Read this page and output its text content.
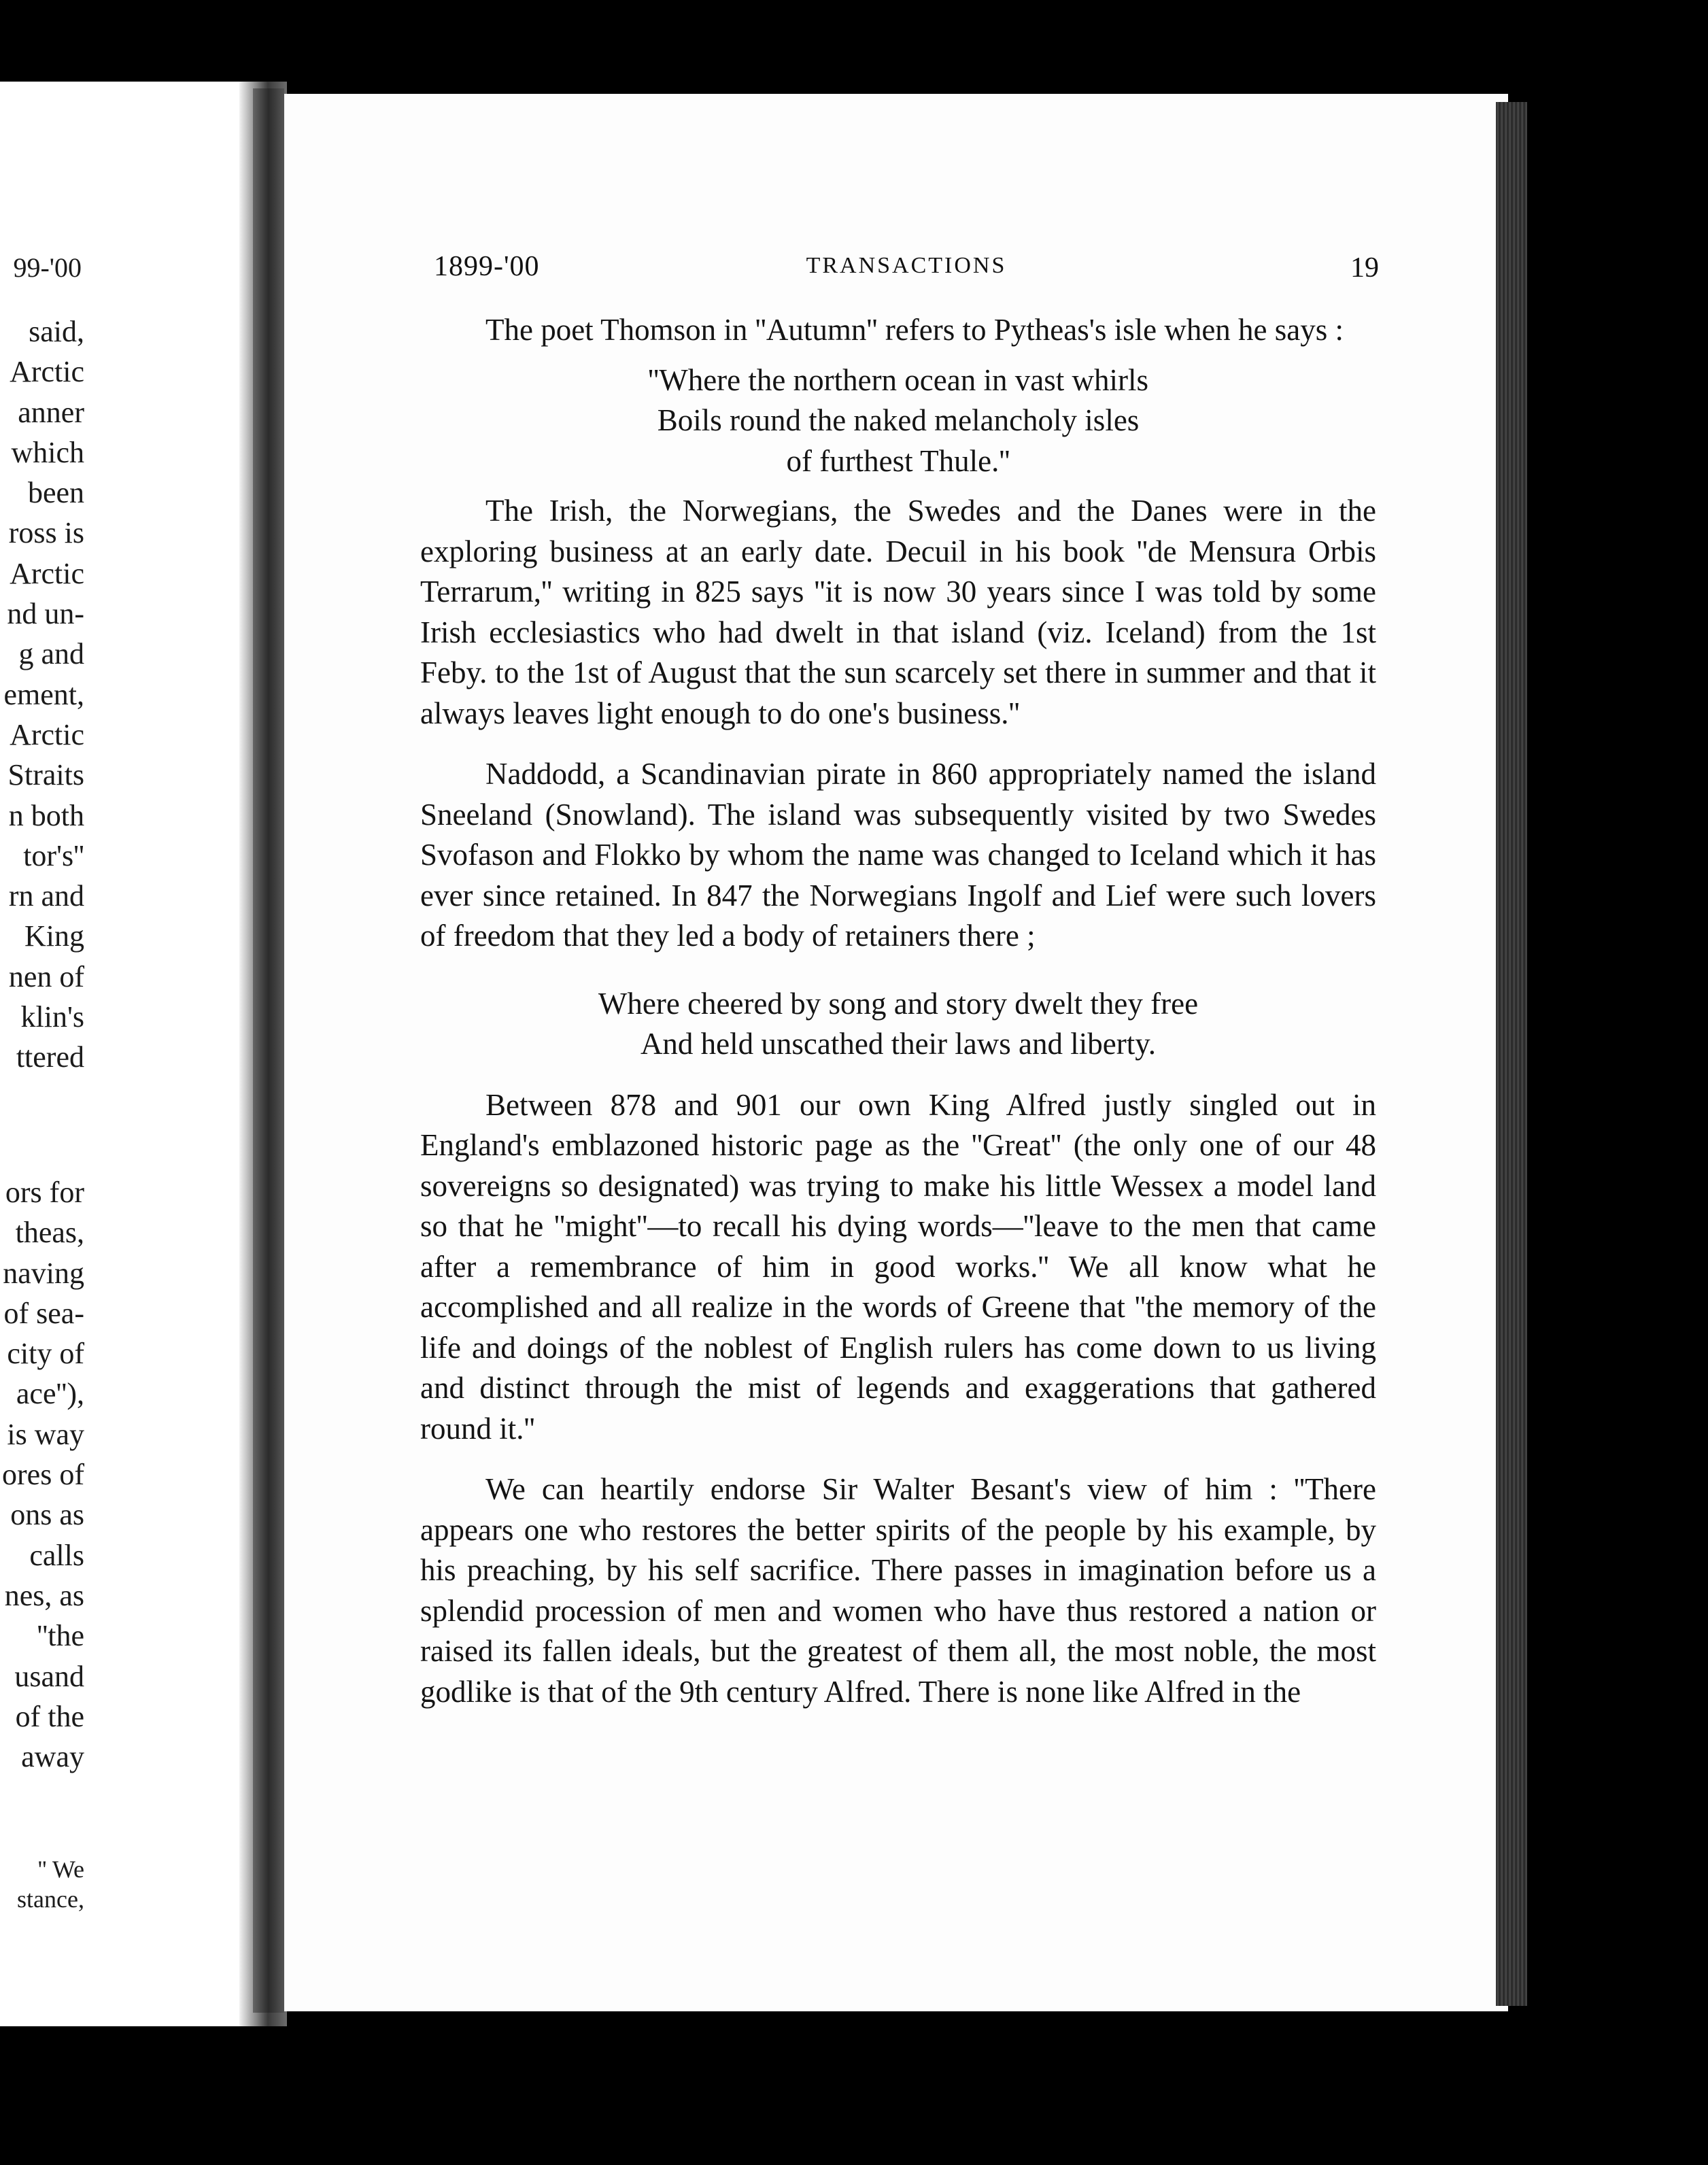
99-'00
said,
Arctic
anner
which
been
ross is
Arctic
nd un-
g and
ement,
Arctic
Straits
n both
tor's''
rn and
King
nen of
klin's
ttered
ors for
theas,
naving
of sea-
city of
ace''),
is way
ores of
ons as
calls
nes, as
''the
usand
of the
away
'' We
stance,
1899-'00	TRANSACTIONS	19

The poet Thomson in ''Autumn'' refers to Pytheas's isle when he says :

''Where the northern ocean in vast whirls
Boils round the naked melancholy isles
of furthest Thule.''

The Irish, the Norwegians, the Swedes and the Danes were in the exploring business at an early date. Decuil in his book ''de Mensura Orbis Terrarum,'' writing in 825 says ''it is now 30 years since I was told by some Irish ecclesiastics who had dwelt in that island (viz. Iceland) from the 1st Feby. to the 1st of August that the sun scarcely set there in summer and that it always leaves light enough to do one's business.''

Naddodd, a Scandinavian pirate in 860 appropriately named the island Sneeland (Snowland). The island was subsequently visited by two Swedes Svofason and Flokko by whom the name was changed to Iceland which it has ever since retained. In 847 the Norwegians Ingolf and Lief were such lovers of freedom that they led a body of retainers there ;

Where cheered by song and story dwelt they free
And held unscathed their laws and liberty.

Between 878 and 901 our own King Alfred justly singled out in England's emblazoned historic page as the ''Great'' (the only one of our 48 sovereigns so designated) was trying to make his little Wessex a model land so that he ''might''—to recall his dying words—''leave to the men that came after a remembrance of him in good works.'' We all know what he accomplished and all realize in the words of Greene that ''the memory of the life and doings of the noblest of English rulers has come down to us living and distinct through the mist of legends and exaggerations that gathered round it.''

We can heartily endorse Sir Walter Besant's view of him : ''There appears one who restores the better spirits of the people by his example, by his preaching, by his self sacrifice. There passes in imagination before us a splendid procession of men and women who have thus restored a nation or raised its fallen ideals, but the greatest of them all, the most noble, the most godlike is that of the 9th century Alfred. There is none like Alfred in the
